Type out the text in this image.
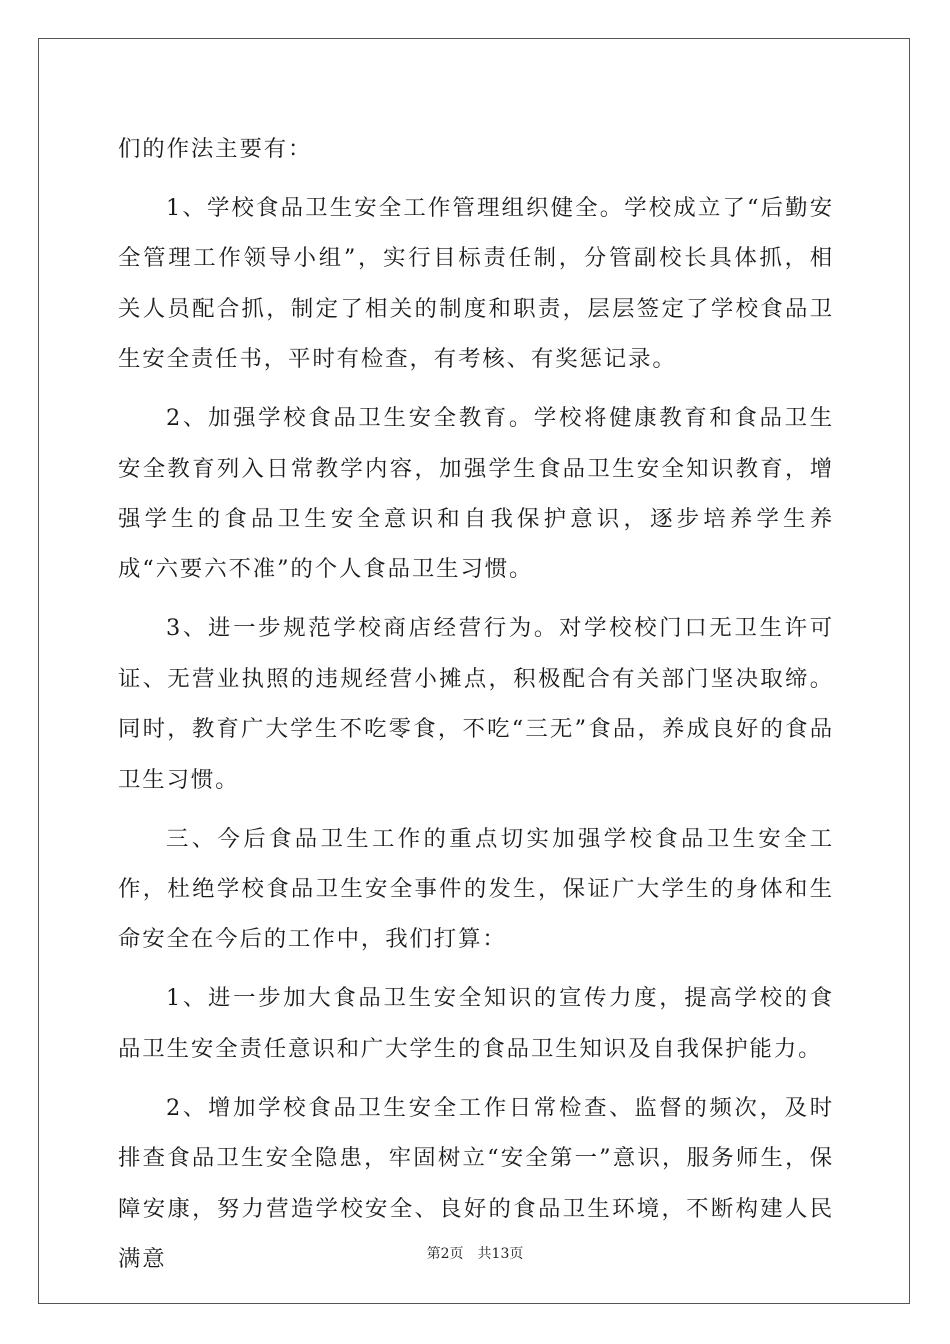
们的作法主要有：

1、学校食品卫生安全工作管理组织健全。学校成立了“后勤安全管理工作领导小组”，实行目标责任制，分管副校长具体抓，相关人员配合抓，制定了相关的制度和职责，层层签定了学校食品卫生安全责任书，平时有检查，有考核、有奖惩记录。

2、加强学校食品卫生安全教育。学校将健康教育和食品卫生安全教育列入日常教学内容，加强学生食品卫生安全知识教育，增强学生的食品卫生安全意识和自我保护意识，逐步培养学生养成“六要六不准”的个人食品卫生习惯。

3、进一步规范学校商店经营行为。对学校校门口无卫生许可证、无营业执照的违规经营小摊点，积极配合有关部门坚决取缔。同时，教育广大学生不吃零食，不吃“三无”食品，养成良好的食品卫生习惯。

三、今后食品卫生工作的重点切实加强学校食品卫生安全工作，杜绝学校食品卫生安全事件的发生，保证广大学生的身体和生命安全在今后的工作中，我们打算：

1、进一步加大食品卫生安全知识的宣传力度，提高学校的食品卫生安全责任意识和广大学生的食品卫生知识及自我保护能力。

2、增加学校食品卫生安全工作日常检查、监督的频次，及时排查食品卫生安全隐患，牢固树立“安全第一”意识，服务师生，保障安康，努力营造学校安全、良好的食品卫生环境，不断构建人民满意	第2页 共13页
